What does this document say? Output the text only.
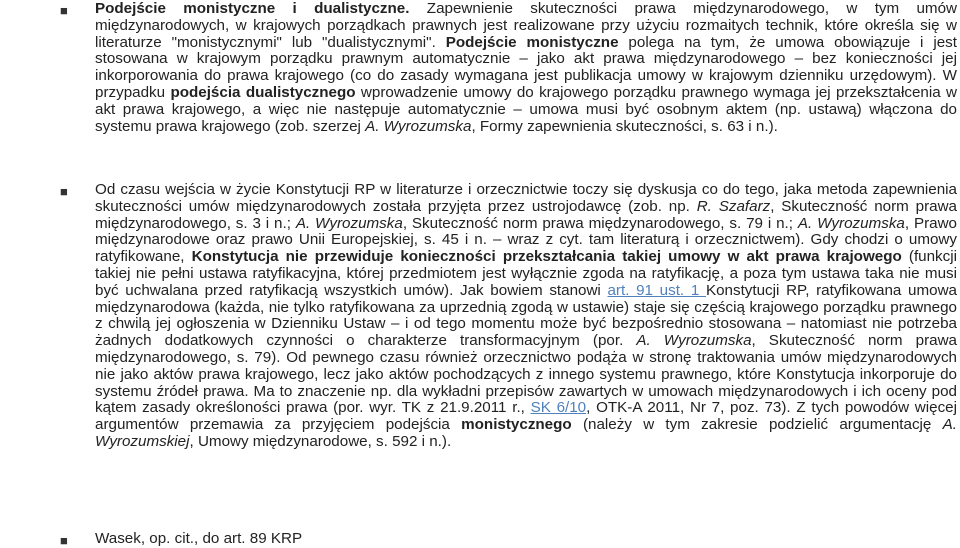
■ Podejście monistyczne i dualistyczne. Zapewnienie skuteczności prawa międzynarodowego, w tym umów międzynarodowych, w krajowych porządkach prawnych jest realizowane przy użyciu rozmaitych technik, które określa się w literaturze "monistycznymi" lub "dualistycznymi". Podejście monistyczne polega na tym, że umowa obowiązuje i jest stosowana w krajowym porządku prawnym automatycznie – jako akt prawa międzynarodowego – bez konieczności jej inkorporowania do prawa krajowego (co do zasady wymagana jest publikacja umowy w krajowym dzienniku urzędowym). W przypadku podejścia dualistycznego wprowadzenie umowy do krajowego porządku prawnego wymaga jej przekształcenia w akt prawa krajowego, a więc nie następuje automatycznie – umowa musi być osobnym aktem (np. ustawą) włączona do systemu prawa krajowego (zob. szerzej A. Wyrozumska, Formy zapewnienia skuteczności, s. 63 i n.).
■ Od czasu wejścia w życie Konstytucji RP w literaturze i orzecznictwie toczy się dyskusja co do tego, jaka metoda zapewnienia skuteczności umów międzynarodowych została przyjęta przez ustrojodawcę (zob. np. R. Szafarz, Skuteczność norm prawa międzynarodowego, s. 3 i n.; A. Wyrozumska, Skuteczność norm prawa międzynarodowego, s. 79 i n.; A. Wyrozumska, Prawo międzynarodowe oraz prawo Unii Europejskiej, s. 45 i n. – wraz z cyt. tam literaturą i orzecznictwem). Gdy chodzi o umowy ratyfikowane, Konstytucja nie przewiduje konieczności przekształcania takiej umowy w akt prawa krajowego (funkcji takiej nie pełni ustawa ratyfikacyjna, której przedmiotem jest wyłącznie zgoda na ratyfikację, a poza tym ustawa taka nie musi być uchwalana przed ratyfikacją wszystkich umów). Jak bowiem stanowi art. 91 ust. 1 Konstytucji RP, ratyfikowana umowa międzynarodowa (każda, nie tylko ratyfikowana za uprzednią zgodą w ustawie) staje się częścią krajowego porządku prawnego z chwilą jej ogłoszenia w Dzienniku Ustaw – i od tego momentu może być bezpośrednio stosowana – natomiast nie potrzeba żadnych dodatkowych czynności o charakterze transformacyjnym (por. A. Wyrozumska, Skuteczność norm prawa międzynarodowego, s. 79). Od pewnego czasu również orzecznictwo podąża w stronę traktowania umów międzynarodowych nie jako aktów prawa krajowego, lecz jako aktów pochodzących z innego systemu prawnego, które Konstytucja inkorporuje do systemu źródeł prawa. Ma to znaczenie np. dla wykładni przepisów zawartych w umowach międzynarodowych i ich oceny pod kątem zasady określoności prawa (por. wyr. TK z 21.9.2011 r., SK 6/10, OTK-A 2011, Nr 7, poz. 73). Z tych powodów więcej argumentów przemawia za przyjęciem podejścia monistycznego (należy w tym zakresie podzielić argumentację A. Wyrozumskiej, Umowy międzynarodowe, s. 592 i n.).
■ Wasek, op. cit., do art. 89 KRP
